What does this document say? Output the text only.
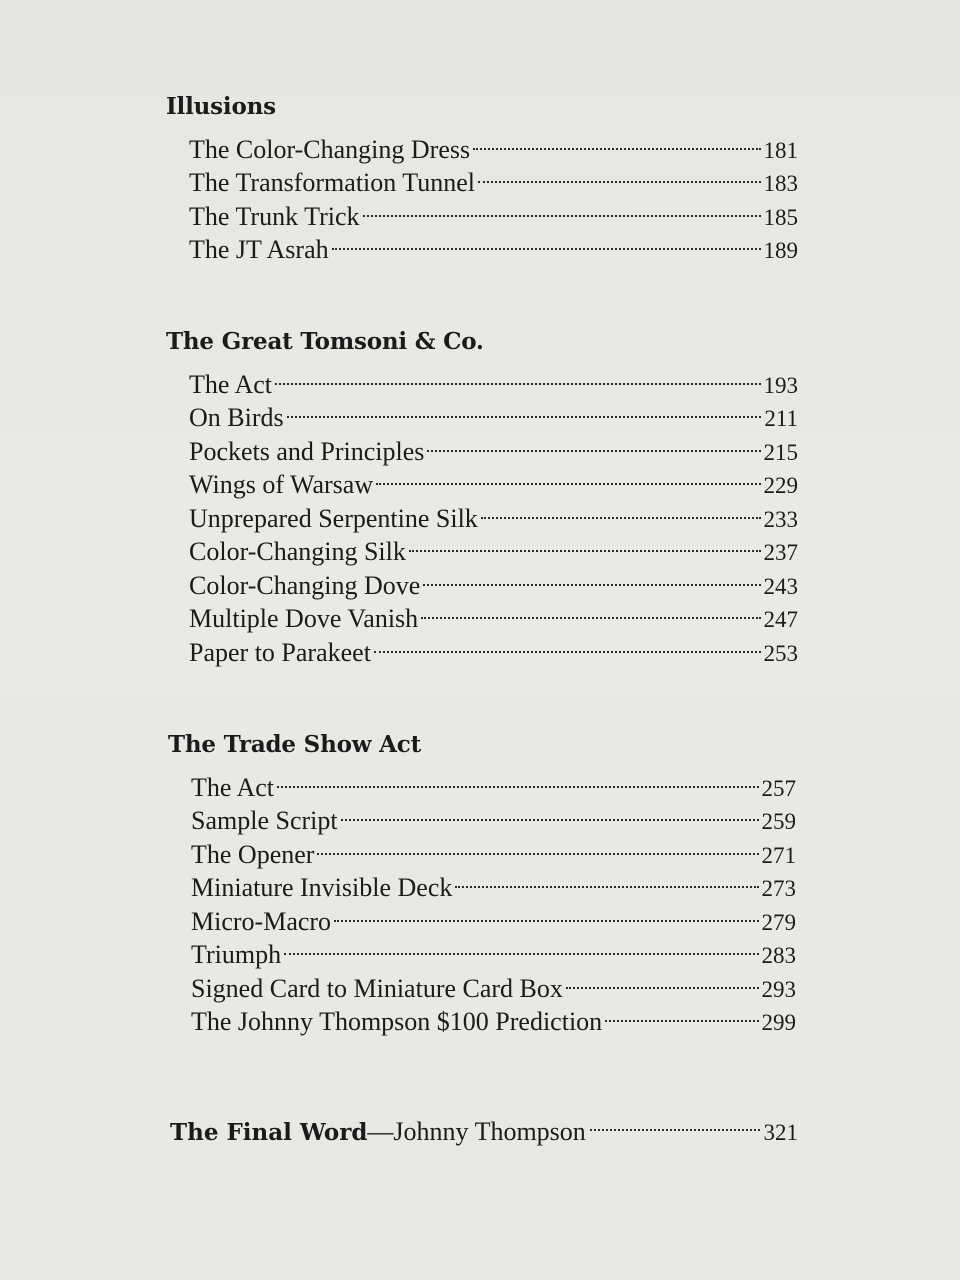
Illusions
The Color-Changing Dress	181
The Transformation Tunnel	183
The Trunk Trick	185
The JT Asrah	189
The Great Tomsoni & Co.
The Act	193
On Birds	211
Pockets and Principles	215
Wings of Warsaw	229
Unprepared Serpentine Silk	233
Color-Changing Silk	237
Color-Changing Dove	243
Multiple Dove Vanish	247
Paper to Parakeet	253
The Trade Show Act
The Act	257
Sample Script	259
The Opener	271
Miniature Invisible Deck	273
Micro-Macro	279
Triumph	283
Signed Card to Miniature Card Box	293
The Johnny Thompson $100 Prediction	299
The Final Word —Johnny Thompson	321
